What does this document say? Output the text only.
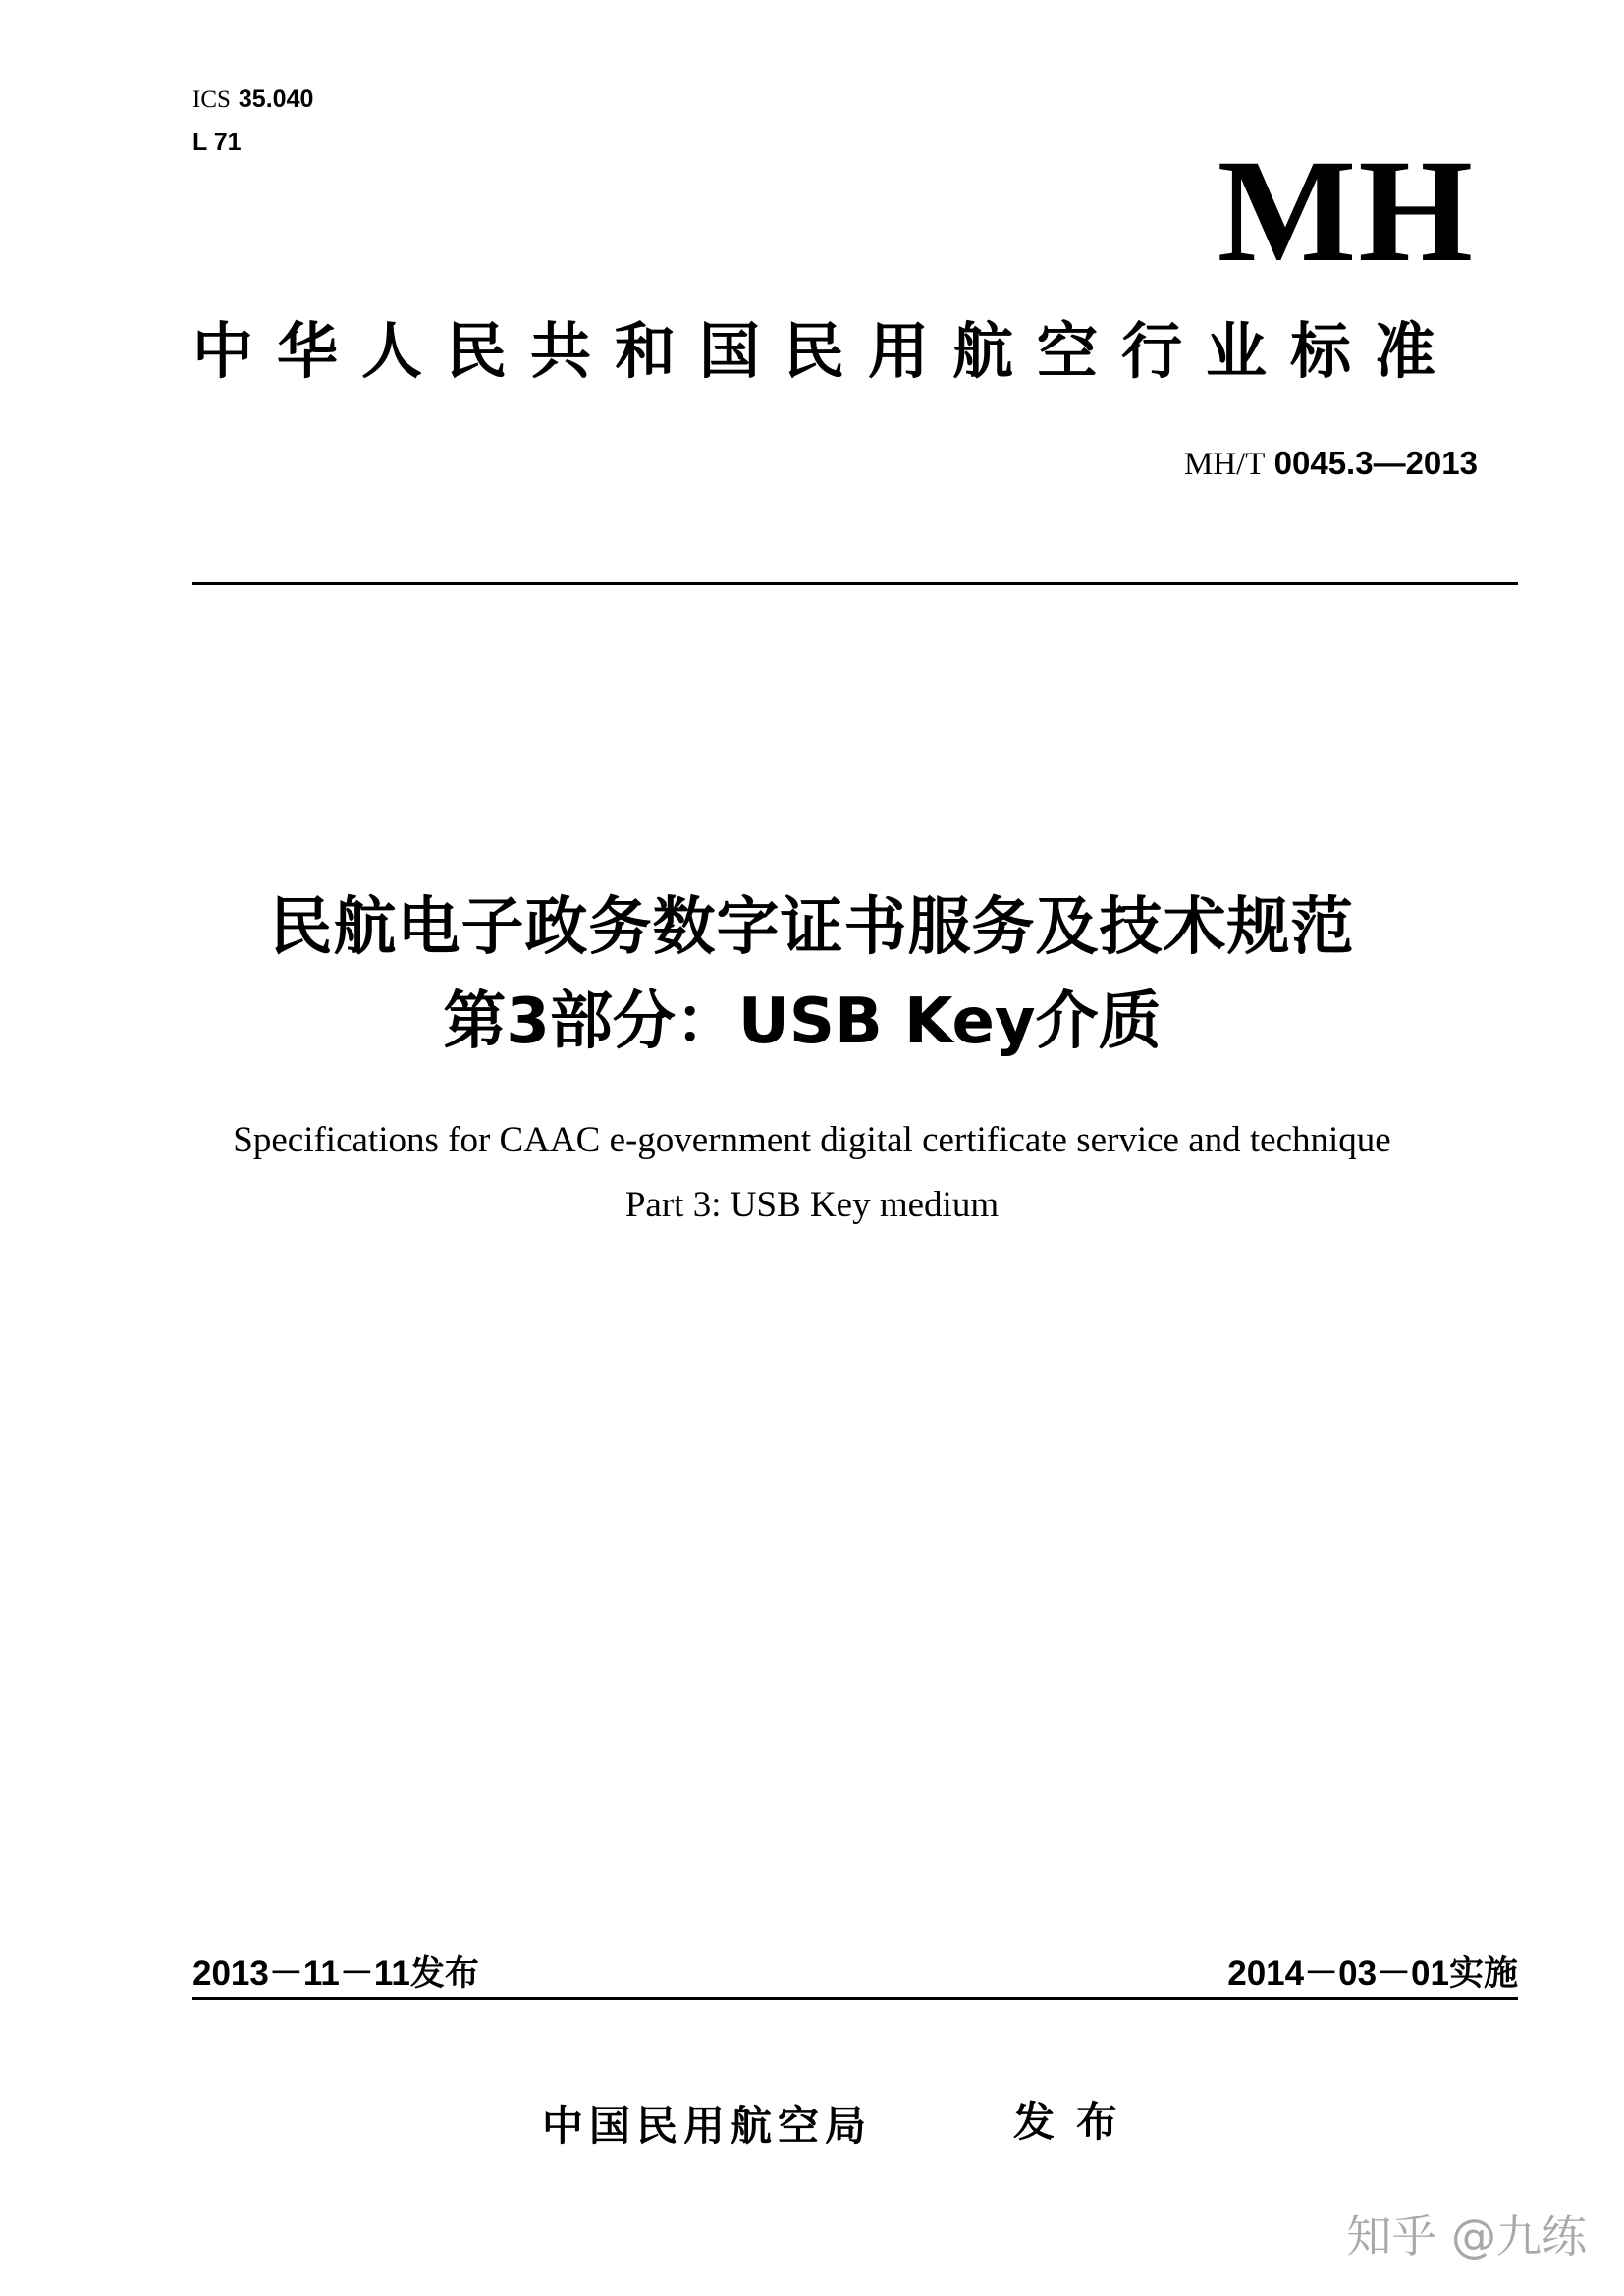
ICS 35.040
L 71	MH
中华人民共和国民用航空行业标准
MH/T 0045.3—2013
民航电子政务数字证书服务及技术规范
第3部分：USB Key介质
Specifications for CAAC e-government digital certificate service and technique
Part 3: USB Key medium
2013－11－11发布	2014－03－01实施
中国民用航空局	发布
知乎 @九练
